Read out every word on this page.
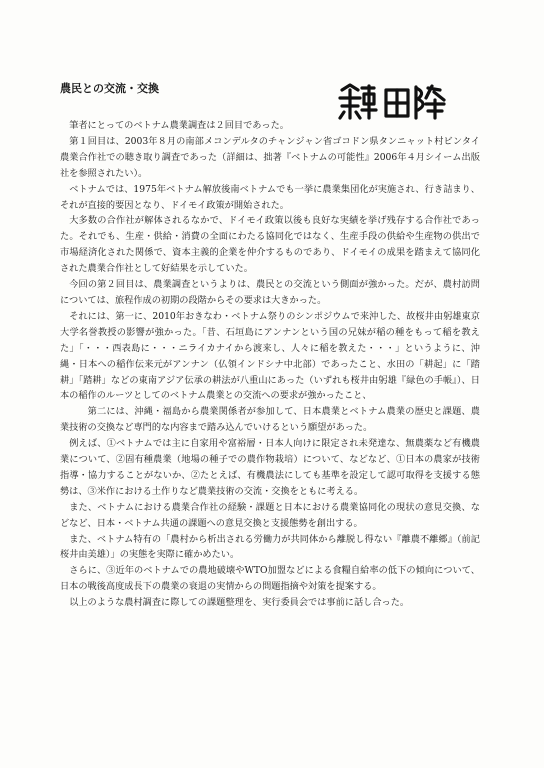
農民との交流・交換

筆者にとってのベトナム農業調査は２回目であった。

第１回目は、2003年８月の南部メコンデルタのチャンジャン省ゴコドン県タンニャット村ビンタイ農業合作社での聴き取り調査であった（詳細は、拙著『ベトナムの可能性』2006年４月シイーム出版社を参照されたい）。

ベトナムでは、1975年ベトナム解放後南ベトナムでも一挙に農業集団化が実施され、行き詰まり、それが直接的要因となり、ドイモイ政策が開始された。

大多数の合作社が解体されるなかで、ドイモイ政策以後も良好な実績を挙げ残存する合作社であった。それでも、生産・供給・消費の全面にわたる協同化ではなく、生産手段の供給や生産物の供出で市場経済化された関係で、資本主義的企業を仲介するものであり、ドイモイの成果を踏まえて協同化された農業合作社として好結果を示していた。

今回の第２回目は、農業調査というよりは、農民との交流という側面が強かった。だが、農村訪問については、旅程作成の初期の段階からその要求は大きかった。

それには、第一に、2010年おきなわ・ベトナム祭りのシンポジウムで来沖した、故桜井由躬雄東京大学名誉教授の影響が強かった。「昔、石垣島にアンナンという国の兄妹が稲の種をもって稲を教えた」「・・・西表島に・・・ニライカナイから渡来し、人々に稲を教えた・・・」というように、沖縄・日本への稲作伝来元がアンナン（仏領インドシナ中北部）であったこと、水田の「耕起」に「踏耕」「踏耕」などの東南アジア伝承の耕法が八重山にあった（いずれも桜井由躬雄『緑色の手帳』）、日本の稲作のルーツとしてのベトナム農業との交流への要求が強かったこと、

第二には、沖縄・福島から農業関係者が参加して、日本農業とベトナム農業の歴史と課題、農業技術の交換など専門的な内容まで踏み込んでいけるという願望があった。

例えば、①ベトナムでは主に自家用や富裕層・日本人向けに限定され未発達な、無農薬など有機農業について、②固有種農業（地場の種子での農作物栽培）について、などなど、①日本の農家が技術指導・協力することがないか、②たとえば、有機農法にしても基準を設定して認可取得を支援する態勢は、③米作における土作りなど農業技術の交流・交換をともに考える。

また、ベトナムにおける農業合作社の経験・課題と日本における農業協同化の現状の意見交換、などなど、日本・ベトナム共通の課題への意見交換と支援態勢を創出する。

また、ベトナム特有の「農村から析出される労働力が共同体から離脱し得ない『離農不離郷』（前記桜井由美雄）」の実態を実際に確かめたい。

さらに、③近年のベトナムでの農地破壊やWTO加盟などによる食糧自給率の低下の傾向について、日本の戦後高度成長下の農業の衰退の実情からの問題指摘や対策を提案する。

以上のような農村調査に際しての課題整理を、実行委員会では事前に話し合った。
